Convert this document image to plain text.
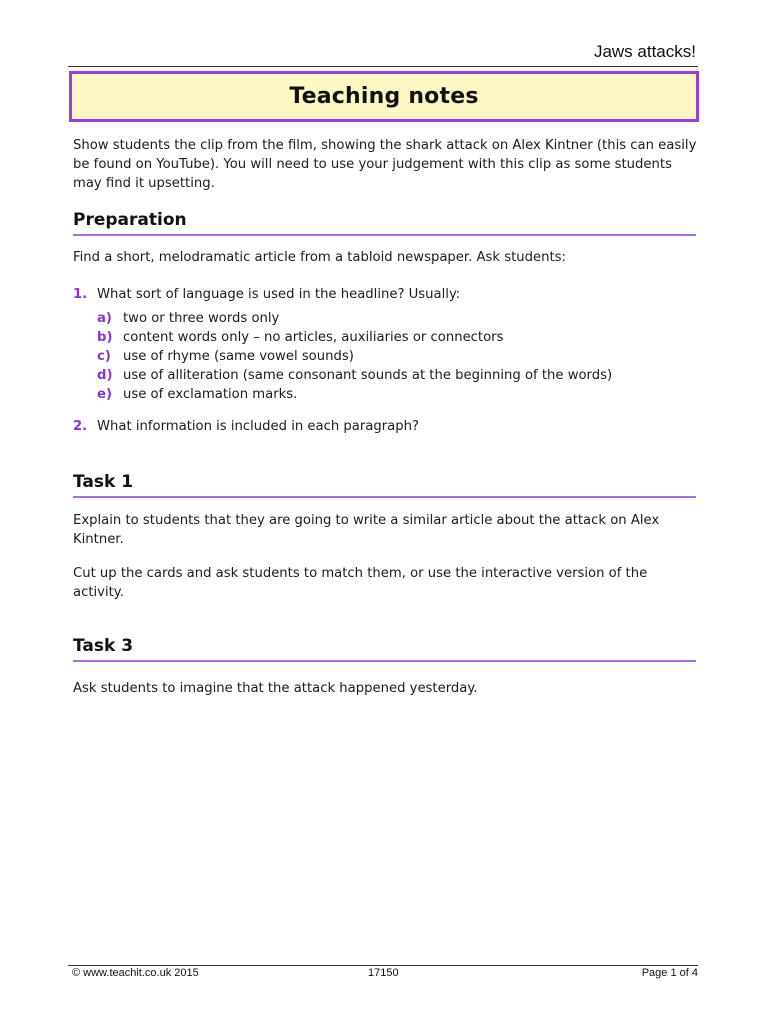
Jaws attacks!
Teaching notes
Show students the clip from the film, showing the shark attack on Alex Kintner (this can easily be found on YouTube). You will need to use your judgement with this clip as some students may find it upsetting.
Preparation
Find a short, melodramatic article from a tabloid newspaper. Ask students:
1. What sort of language is used in the headline? Usually:
a) two or three words only
b) content words only – no articles, auxiliaries or connectors
c) use of rhyme (same vowel sounds)
d) use of alliteration (same consonant sounds at the beginning of the words)
e) use of exclamation marks.
2. What information is included in each paragraph?
Task 1
Explain to students that they are going to write a similar article about the attack on Alex Kintner.
Cut up the cards and ask students to match them, or use the interactive version of the activity.
Task 3
Ask students to imagine that the attack happened yesterday.
© www.teachit.co.uk 2015	17150	Page 1 of 4
